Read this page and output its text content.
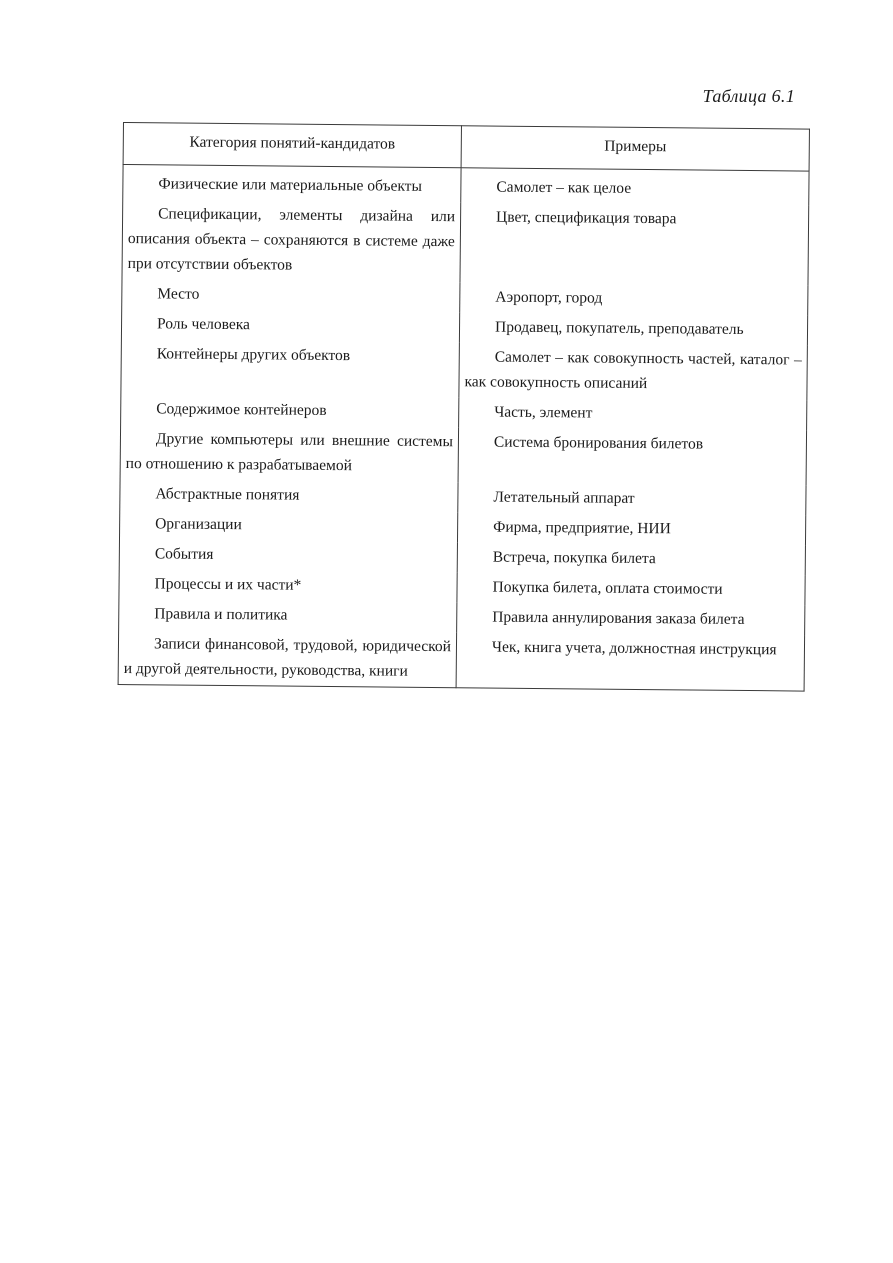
Таблица 6.1
Категория понятий-кандидатов	Примеры
Физические или материальные объекты	Самолет – как целое
Спецификации, элементы дизайна или описания объекта – сохраняются в системе даже при отсутствии объектов	Цвет, спецификация товара
Место	Аэропорт, город
Роль человека	Продавец, покупатель, преподаватель
Контейнеры других объектов	Самолет – как совокупность частей, каталог – как совокупность описаний
Содержимое контейнеров	Часть, элемент
Другие компьютеры или внешние системы по отношению к разрабатываемой	Система бронирования билетов
Абстрактные понятия	Летательный аппарат
Организации	Фирма, предприятие, НИИ
События	Встреча, покупка билета
Процессы и их части*	Покупка билета, оплата стоимости
Правила и политика	Правила аннулирования заказа билета
Записи финансовой, трудовой, юридической и другой деятельности, руководства, книги	Чек, книга учета, должностная инструкция
